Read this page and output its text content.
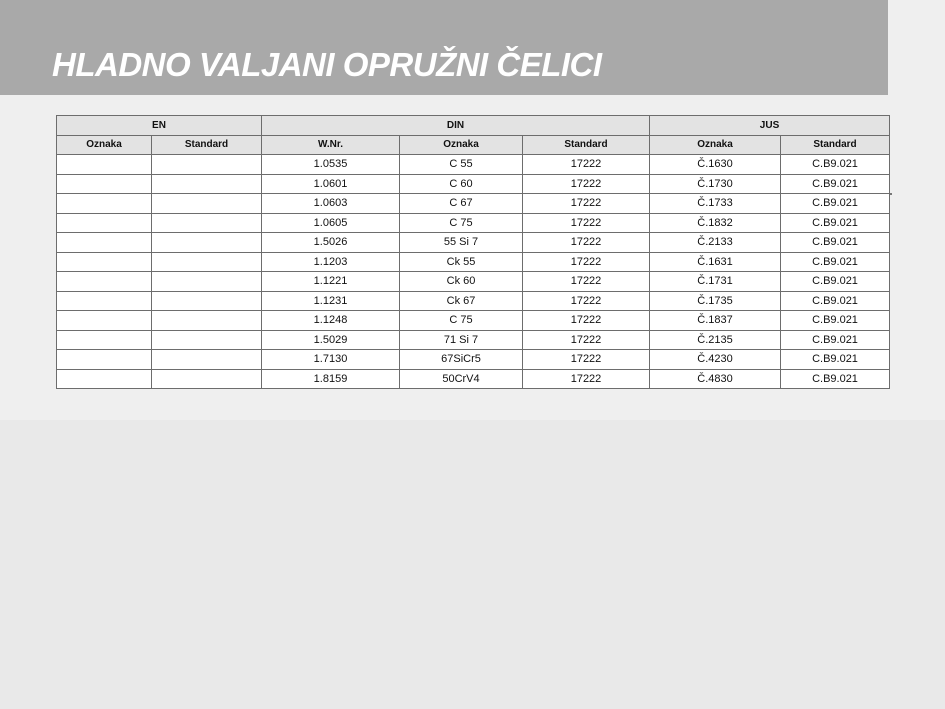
HLADNO VALJANI OPRUŽNI ČELICI
EN		DIN			JUS	
Oznaka	Standard	W.Nr.	Oznaka	Standard	Oznaka	Standard
		1.0535	C 55	17222	Č.1630	C.B9.021
		1.0601	C 60	17222	Č.1730	C.B9.021
		1.0603	C 67	17222	Č.1733	C.B9.021
		1.0605	C 75	17222	Č.1832	C.B9.021
		1.5026	55 Si 7	17222	Č.2133	C.B9.021
		1.1203	Ck 55	17222	Č.1631	C.B9.021
		1.1221	Ck 60	17222	Č.1731	C.B9.021
		1.1231	Ck 67	17222	Č.1735	C.B9.021
		1.1248	C 75	17222	Č.1837	C.B9.021
		1.5029	71 Si 7	17222	Č.2135	C.B9.021
		1.7130	67SiCr5	17222	Č.4230	C.B9.021
		1.8159	50CrV4	17222	Č.4830	C.B9.021
